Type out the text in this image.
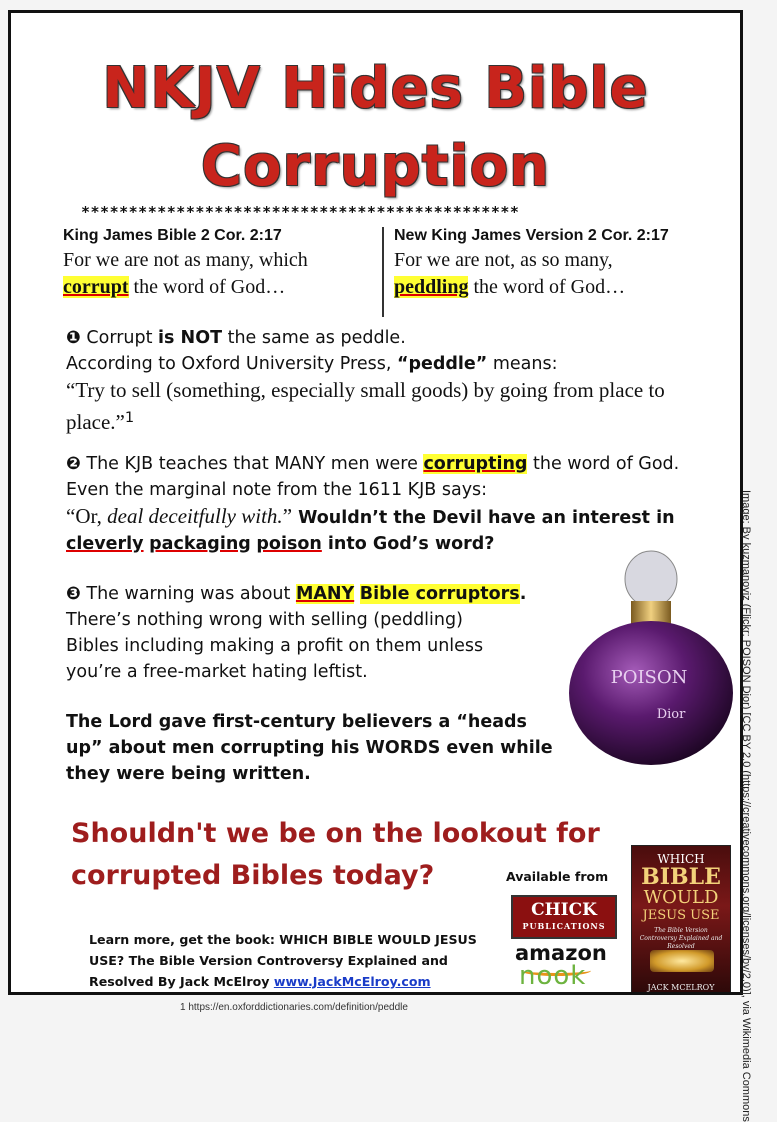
NKJV Hides Bible
Corruption
**********************************************
King James Bible 2 Cor. 2:17
For we are not as many, which
corrupt the word of God…
New King James Version 2 Cor. 2:17
For we are not, as so many,
peddling the word of God…
❶ Corrupt is NOT the same as peddle.
According to Oxford University Press, “peddle” means:
“Try to sell (something, especially small goods) by going from place to place.”$^1$
❷ The KJB teaches that MANY men were corrupting the word of God. Even the marginal note from the 1611 KJB says:
“Or, deal deceitfully with.” Wouldn’t the Devil have an interest in cleverly packaging poison into God’s word?
❸ The warning was about MANY Bible corruptors.
There’s nothing wrong with selling (peddling)
Bibles including making a profit on them unless
you’re a free-market hating leftist.
The Lord gave first-century believers a “heads up” about men corrupting his WORDS even while they were being written.
POISON
Dior
Shouldn't we be on the lookout for corrupted Bibles today?	Available from
CHICK
PUBLICATIONS
amazon
nook
WHICH
BIBLE
WOULD
JESUS USE
The Bible Version Controversy Explained and Resolved
JACK MCELROY
Learn more, get the book: WHICH BIBLE WOULD JESUS USE? The Bible Version Controversy Explained and Resolved By Jack McElroy www.JackMcElroy.com	Image: By kuzmanoviz (Flickr: POISON Dior) [CC BY 2.0 (https://creativecommons.org/licenses/by/2.0)], via Wikimedia Commons
1 https://en.oxforddictionaries.com/definition/peddle
